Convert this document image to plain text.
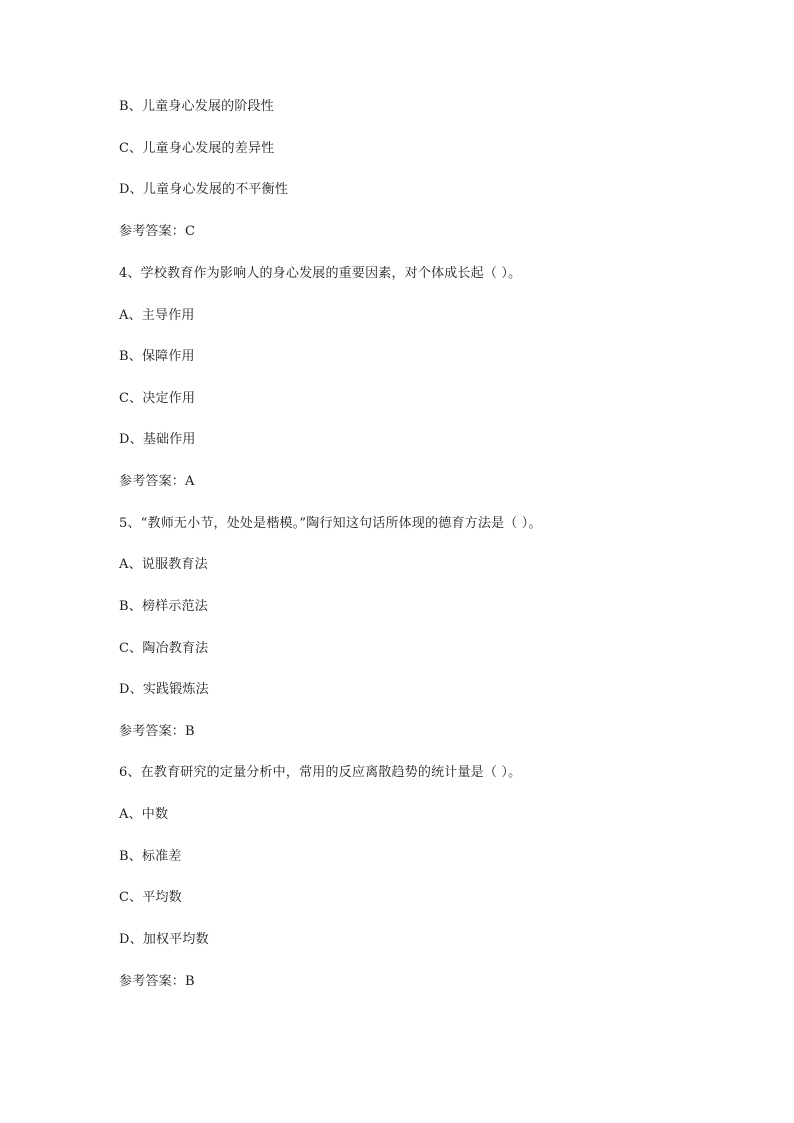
B、儿童身心发展的阶段性
C、儿童身心发展的差异性
D、儿童身心发展的不平衡性
参考答案：C
4、学校教育作为影响人的身心发展的重要因素，对个体成长起（ ）。
A、主导作用
B、保障作用
C、决定作用
D、基础作用
参考答案：A
5、“教师无小节，处处是楷模。”陶行知这句话所体现的德育方法是（ ）。
A、说服教育法
B、榜样示范法
C、陶冶教育法
D、实践锻炼法
参考答案：B
6、在教育研究的定量分析中，常用的反应离散趋势的统计量是（ ）。
A、中数
B、标准差
C、平均数
D、加权平均数
参考答案：B
